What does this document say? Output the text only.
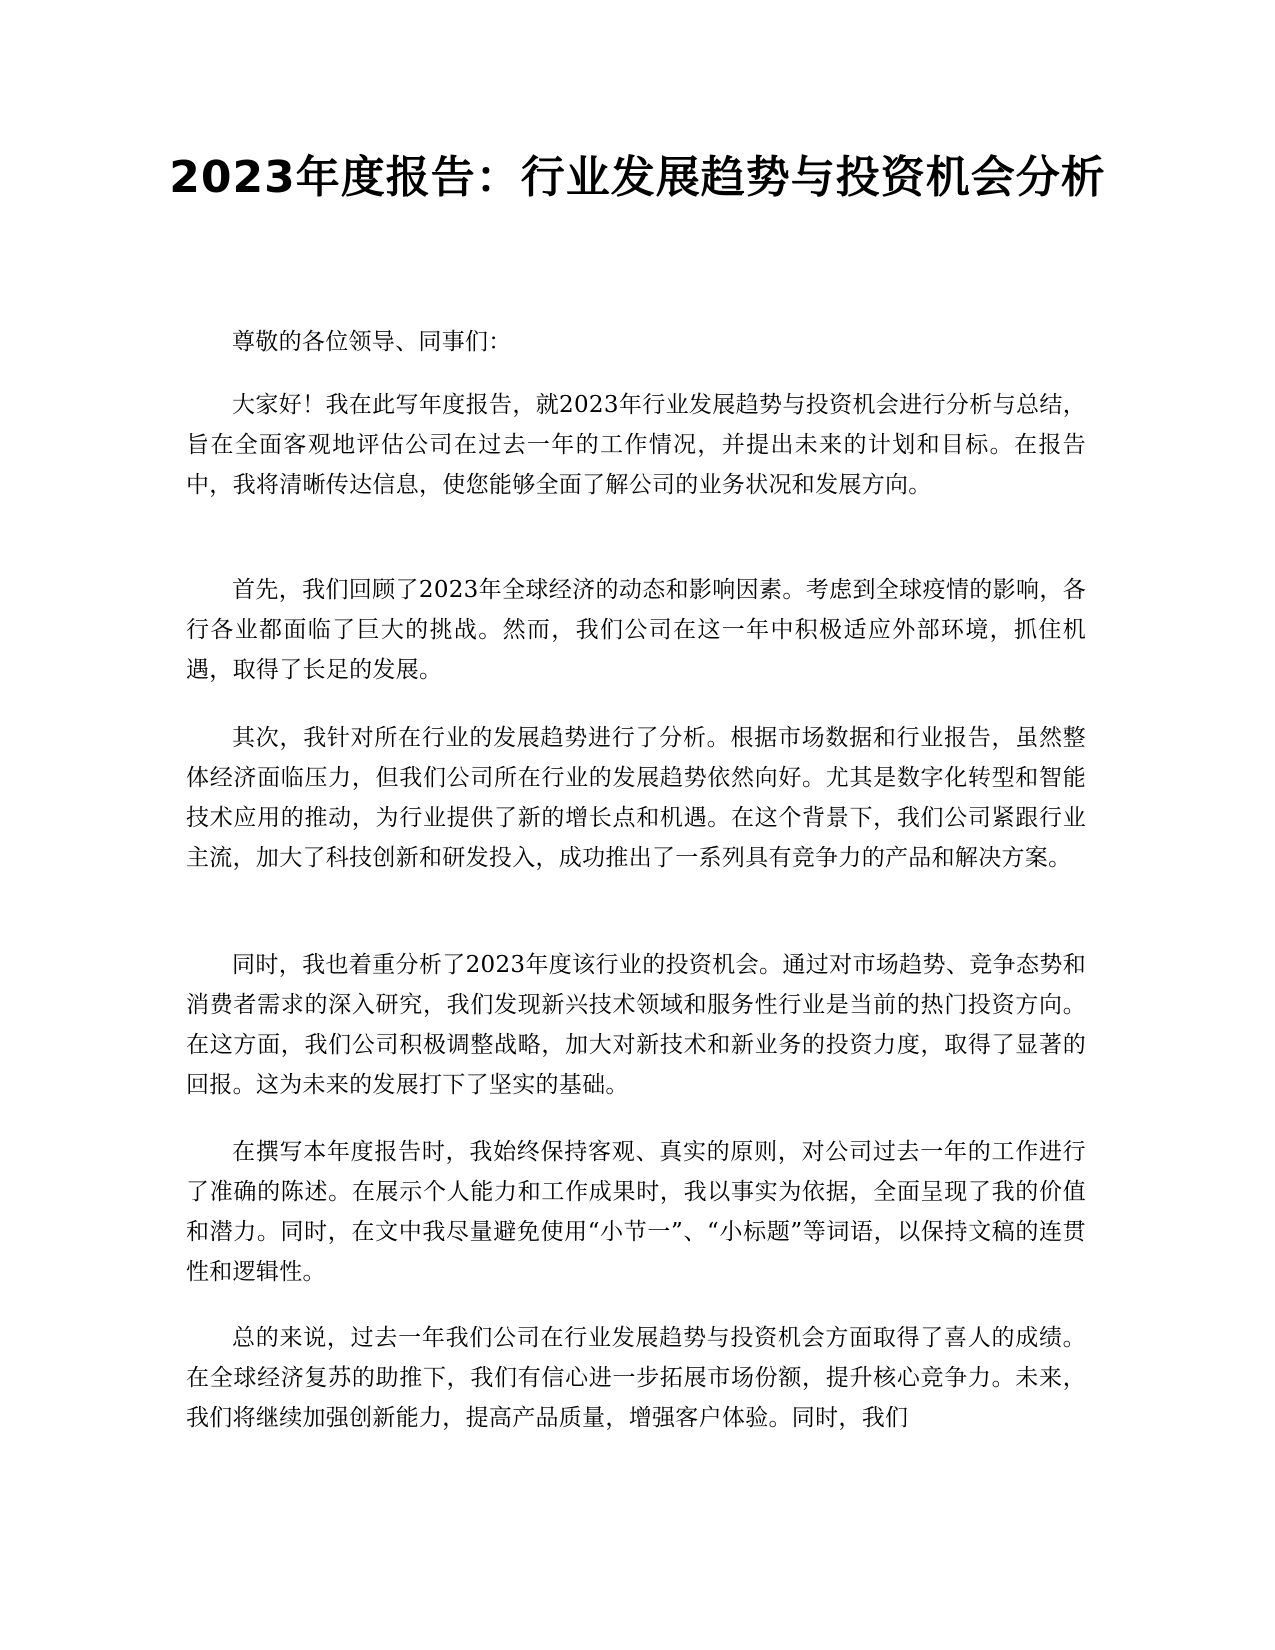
2023年度报告：行业发展趋势与投资机会分析

尊敬的各位领导、同事们：

大家好！我在此写年度报告，就2023年行业发展趋势与投资机会进行分析与总结，旨在全面客观地评估公司在过去一年的工作情况，并提出未来的计划和目标。在报告中，我将清晰传达信息，使您能够全面了解公司的业务状况和发展方向。

首先，我们回顾了2023年全球经济的动态和影响因素。考虑到全球疫情的影响，各行各业都面临了巨大的挑战。然而，我们公司在这一年中积极适应外部环境，抓住机遇，取得了长足的发展。

其次，我针对所在行业的发展趋势进行了分析。根据市场数据和行业报告，虽然整体经济面临压力，但我们公司所在行业的发展趋势依然向好。尤其是数字化转型和智能技术应用的推动，为行业提供了新的增长点和机遇。在这个背景下，我们公司紧跟行业主流，加大了科技创新和研发投入，成功推出了一系列具有竞争力的产品和解决方案。

同时，我也着重分析了2023年度该行业的投资机会。通过对市场趋势、竞争态势和消费者需求的深入研究，我们发现新兴技术领域和服务性行业是当前的热门投资方向。在这方面，我们公司积极调整战略，加大对新技术和新业务的投资力度，取得了显著的回报。这为未来的发展打下了坚实的基础。

在撰写本年度报告时，我始终保持客观、真实的原则，对公司过去一年的工作进行了准确的陈述。在展示个人能力和工作成果时，我以事实为依据，全面呈现了我的价值和潜力。同时，在文中我尽量避免使用“小节一”、“小标题”等词语，以保持文稿的连贯性和逻辑性。

总的来说，过去一年我们公司在行业发展趋势与投资机会方面取得了喜人的成绩。在全球经济复苏的助推下，我们有信心进一步拓展市场份额，提升核心竞争力。未来，我们将继续加强创新能力，提高产品质量，增强客户体验。同时，我们
